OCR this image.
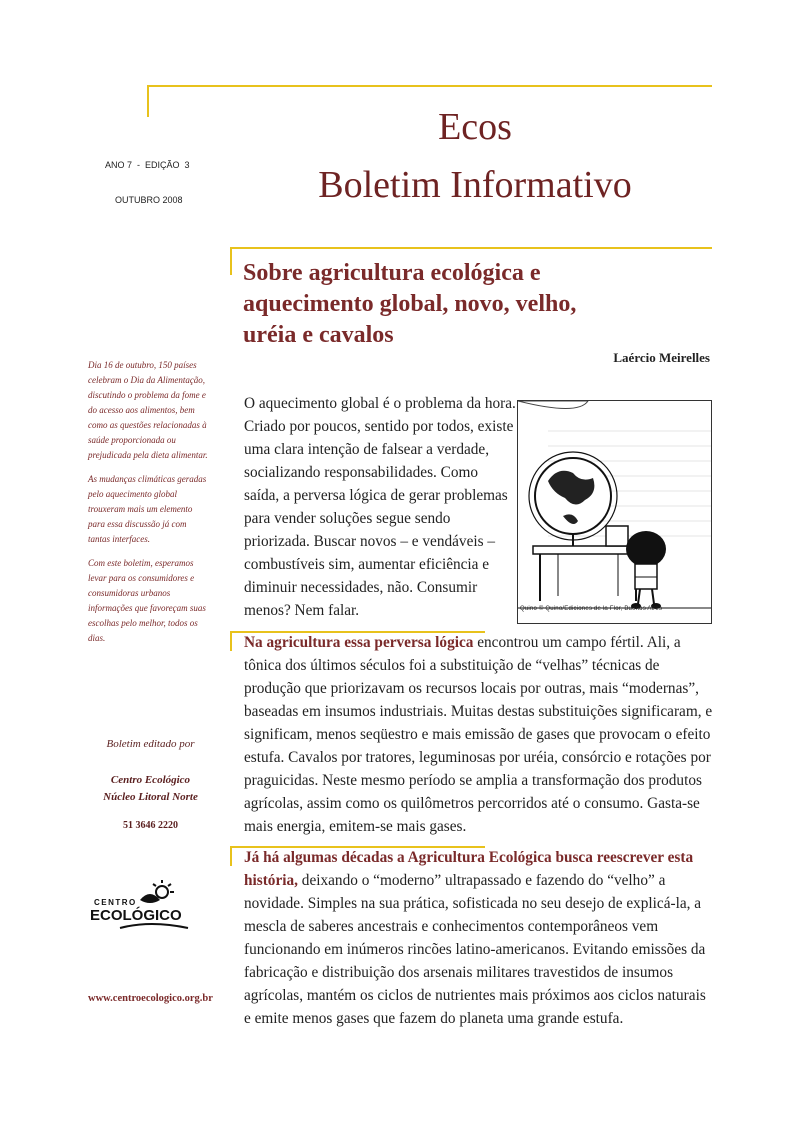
Ecos
Boletim Informativo
ANO 7  -  EDIÇÃO  3
OUTUBRO 2008
Sobre agricultura ecológica e aquecimento global, novo, velho, uréia e cavalos
Laércio Meirelles
O aquecimento global é o problema da hora. Criado por poucos, sentido por todos, existe uma clara intenção de falsear a verdade, socializando responsabilidades. Como saída, a perversa lógica de gerar problemas para vender soluções segue sendo priorizada. Buscar novos – e vendáveis – combustíveis sim, aumentar eficiência e diminuir necessidades, não. Consumir menos? Nem falar.	Quino © Quino/Ediciones de la Flor, Buenos Aires
Na agricultura essa perversa lógica encontrou um campo fértil. Ali, a tônica dos últimos séculos foi a substituição de “velhas” técnicas de produção que priorizavam os recursos locais por outras, mais “modernas”, baseadas em insumos industriais. Muitas destas substituições significaram, e significam, menos seqüestro e mais emissão de gases que provocam o efeito estufa. Cavalos por tratores, leguminosas por uréia, consórcio e rotações por praguicidas. Neste mesmo período se amplia a transformação dos produtos agrícolas, assim como os quilômetros percorridos até o consumo. Gasta-se mais energia, emitem-se mais gases.
Já há algumas décadas a Agricultura Ecológica busca reescrever esta história, deixando o “moderno” ultrapassado e fazendo do “velho” a novidade. Simples na sua prática, sofisticada no seu desejo de explicá-la, a mescla de saberes ancestrais e conhecimentos contemporâneos vem funcionando em inúmeros rincões latino-americanos. Evitando emissões da fabricação e distribuição dos arsenais militares travestidos de insumos agrícolas, mantém os ciclos de nutrientes mais próximos aos ciclos naturais e emite menos gases que fazem do planeta uma grande estufa.

Dia 16 de outubro, 150 países celebram o Dia da Alimentação, discutindo o problema da fome e do acesso aos alimentos, bem como as questões relacionadas à saúde proporcionada ou prejudicada pela dieta alimentar.

As mudanças climáticas geradas pelo aquecimento global trouxeram mais um elemento para essa discussão já com tantas interfaces.

Com este boletim, esperamos levar para os consumidores e consumidoras urbanos informações que favoreçam suas escolhas pelo melhor, todos os dias.

Boletim editado por
Centro Ecológico
Núcleo Litoral Norte
51 3646 2220
CENTRO
ECOLÓGICO
www.centroecologico.org.br
